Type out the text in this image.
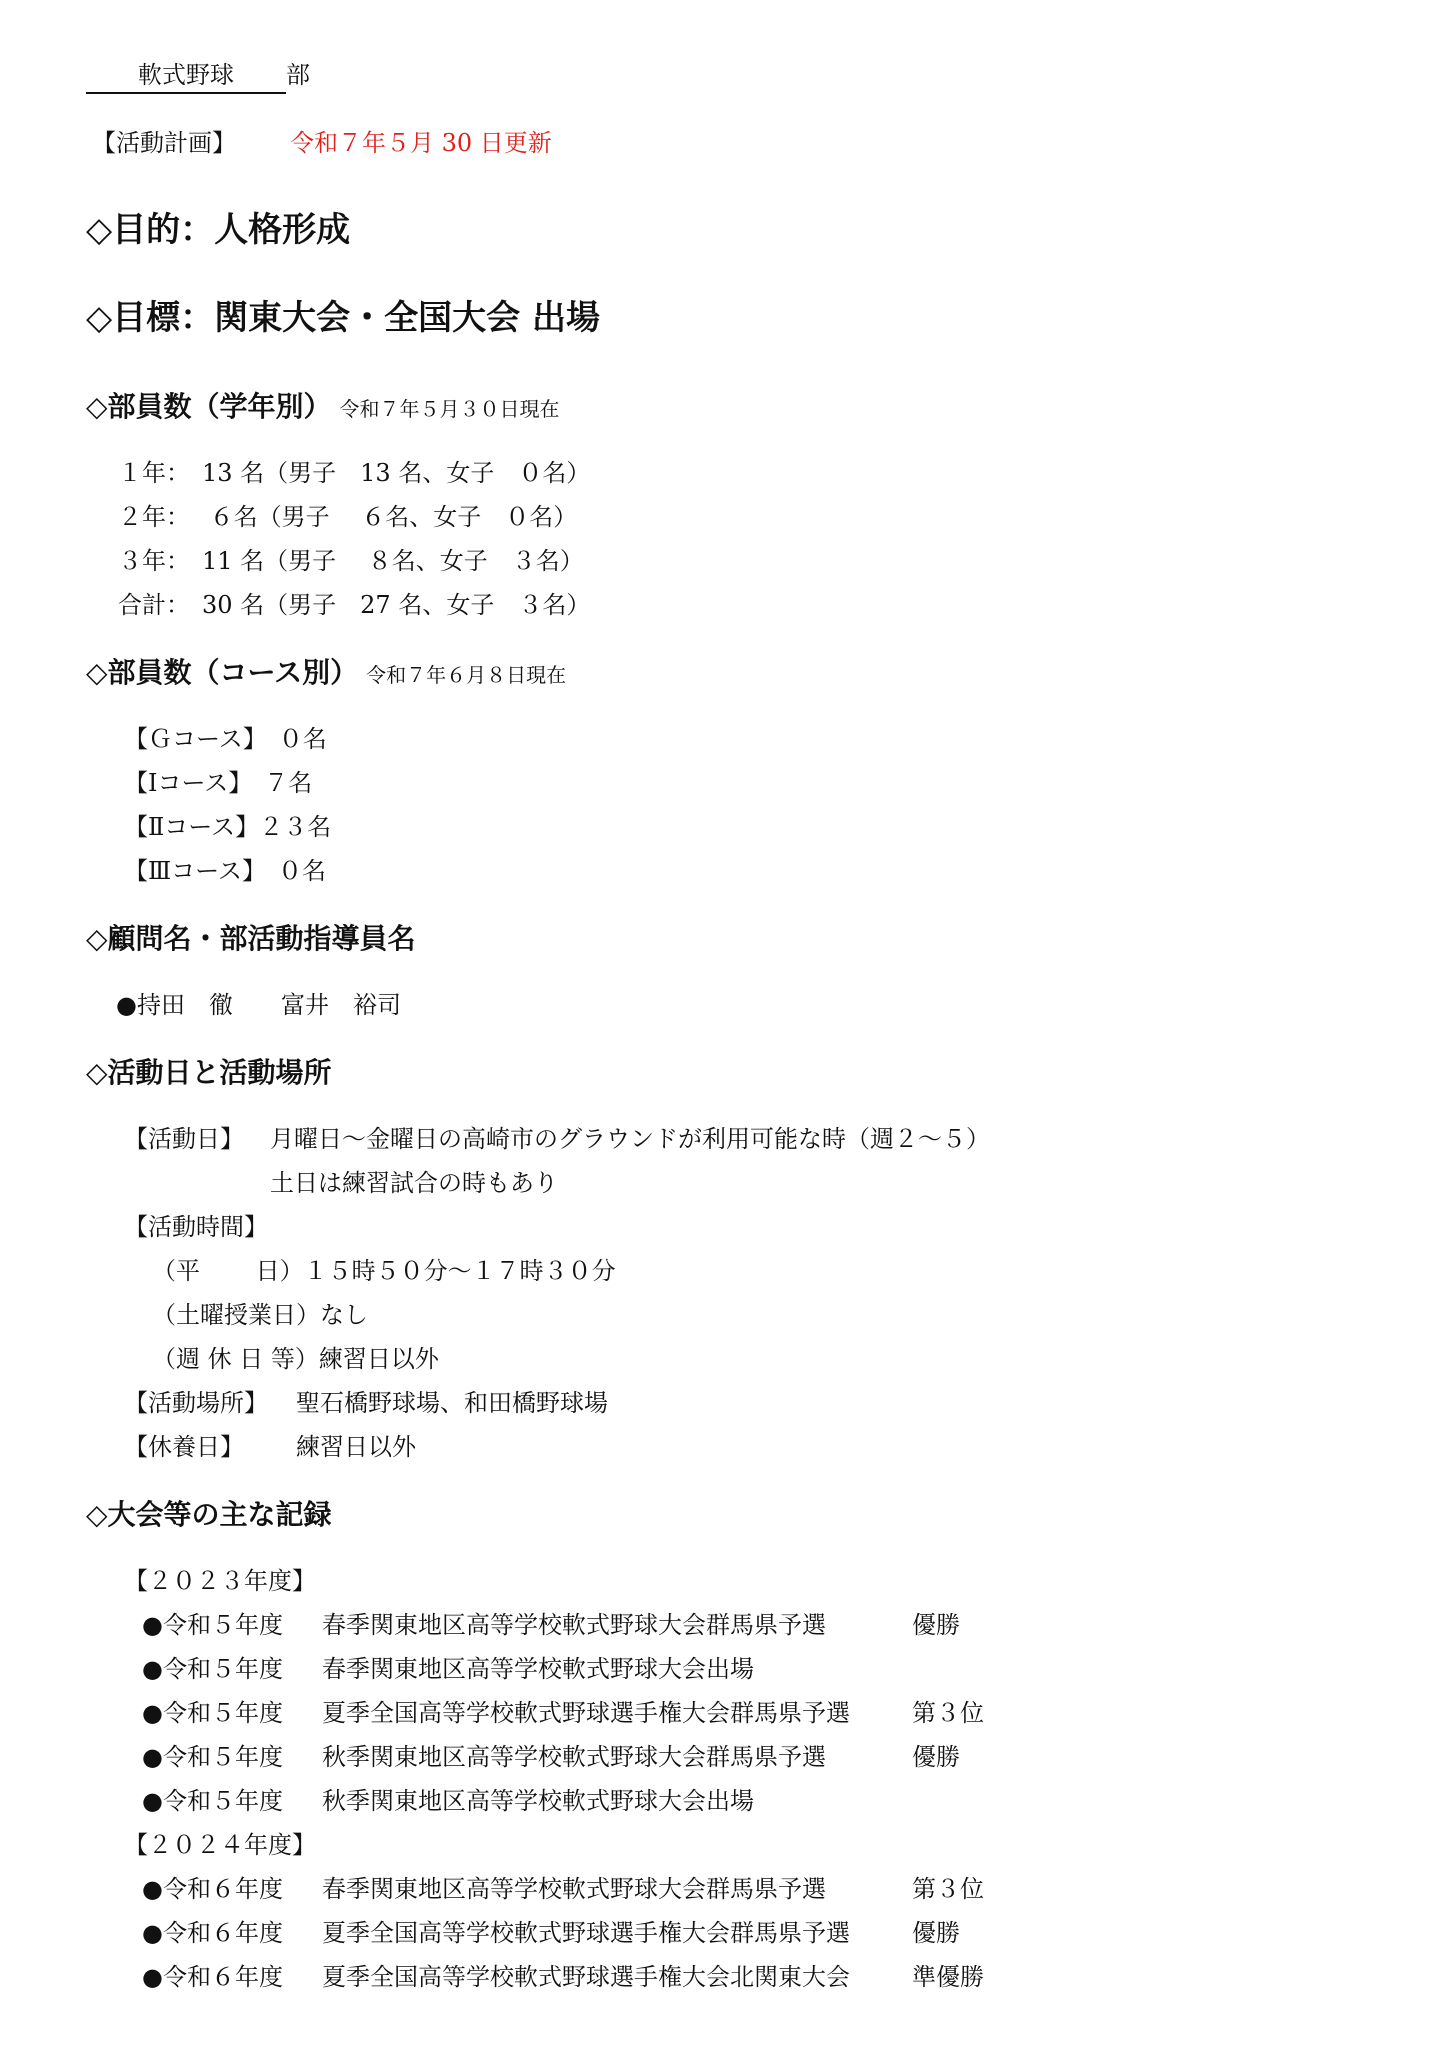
軟式野球 部
【活動計画】 令和７年５月 30 日更新
◇目的：人格形成
◇目標：関東大会・全国大会 出場
◇部員数（学年別） 令和７年５月３０日現在
１年：　13 名（男子　13 名、女子　０名）
２年：　 ６名（男子　 ６名、女子　０名）
３年：　11 名（男子　 ８名、女子　３名）
合計：　30 名（男子　27 名、女子　３名）
◇部員数（コース別） 令和７年６月８日現在
【Ｇコース】　０名
【Ⅰコース】　７名
【Ⅱコース】２３名
【Ⅲコース】　０名
◇顧問名・部活動指導員名
●持田　徹　　富井　裕司
◇活動日と活動場所
【活動日】 月曜日～金曜日の高崎市のグラウンドが利用可能な時（週２～５）
土日は練習試合の時もあり
【活動時間】
（平　　 日）１５時５０分～１７時３０分
（土曜授業日）なし
（週 休 日 等）練習日以外
【活動場所】 聖石橋野球場、和田橋野球場
【休養日】 練習日以外
◇大会等の主な記録
【２０２３年度】
●令和５年度 春季関東地区高等学校軟式野球大会群馬県予選	優勝
●令和５年度 春季関東地区高等学校軟式野球大会出場
●令和５年度 夏季全国高等学校軟式野球選手権大会群馬県予選	第３位
●令和５年度 秋季関東地区高等学校軟式野球大会群馬県予選	優勝
●令和５年度 秋季関東地区高等学校軟式野球大会出場
【２０２４年度】
●令和６年度 春季関東地区高等学校軟式野球大会群馬県予選	第３位
●令和６年度 夏季全国高等学校軟式野球選手権大会群馬県予選	優勝
●令和６年度 夏季全国高等学校軟式野球選手権大会北関東大会	準優勝
